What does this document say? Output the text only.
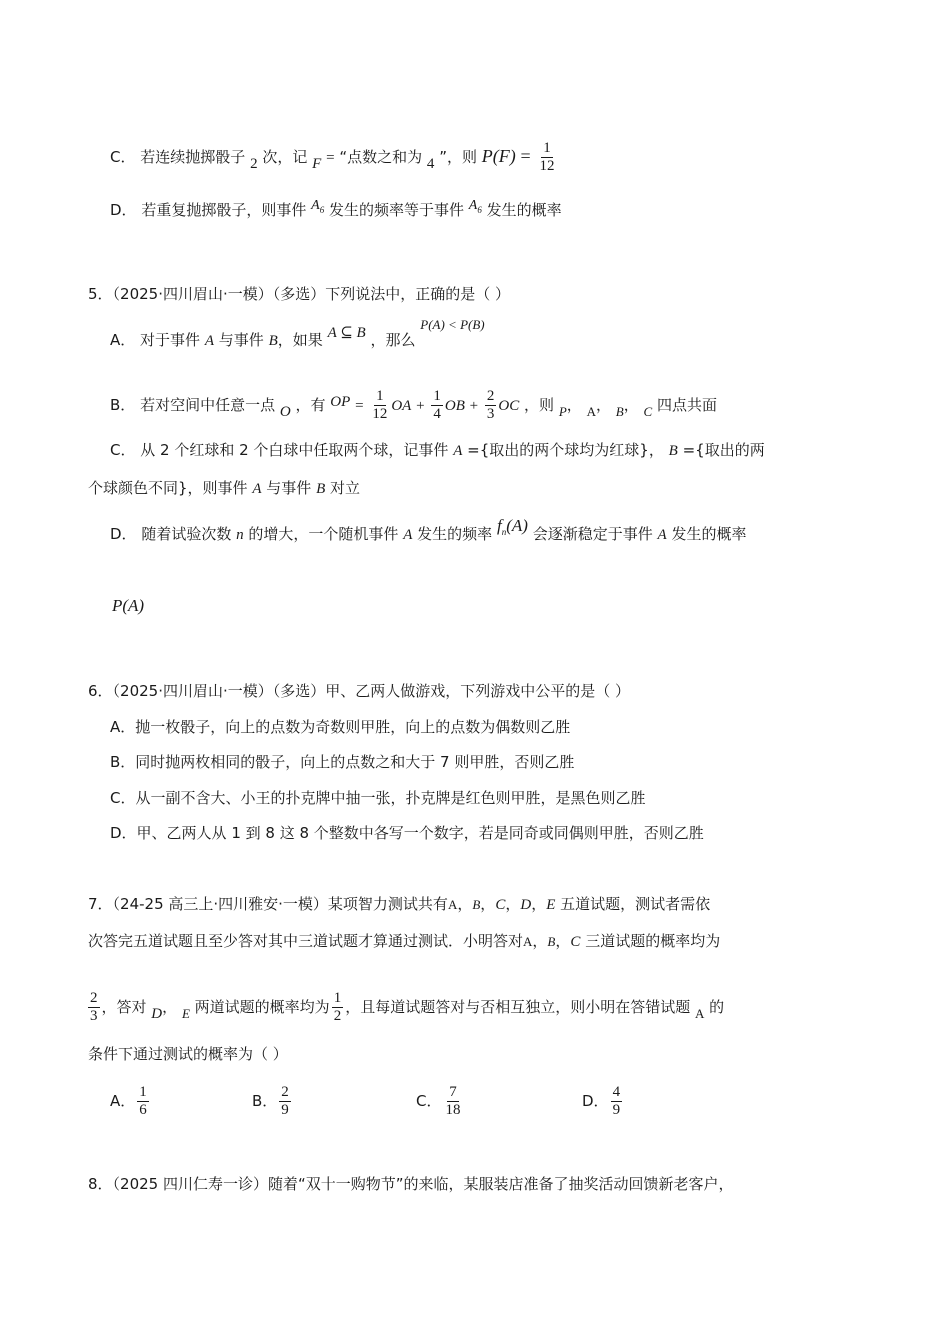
C． 若连续抛掷骰子 2 次，记 F = “点数之和为 4 ”，则 $P(F) = \frac{1}{12}$
D． 若重复抛掷骰子，则事件 $A_6$ 发生的频率等于事件 $A_6$ 发生的概率
5．（2025·四川眉山·一模）（多选）下列说法中，正确的是（ ）
A． 对于事件 A 与事件 B，如果 A ⊆ B ，那么 P(A) < P(B)
B． 若对空间中任意一点 O ，有 OP = $\frac{1}{12}$ OA + $\frac{1}{4}$ OB + $\frac{2}{3}$ OC ，则 P， A， B， C 四点共面
C． 从 2 个红球和 2 个白球中任取两个球，记事件 A ={取出的两个球均为红球}， B ={取出的两
个球颜色不同}，则事件 A 与事件 B 对立
D． 随着试验次数 n 的增大，一个随机事件 A 发生的频率 $f_n(A)$ 会逐渐稳定于事件 A 发生的概率
P(A)
6．（2025·四川眉山·一模）（多选）甲、乙两人做游戏，下列游戏中公平的是（ ）
A．抛一枚骰子，向上的点数为奇数则甲胜，向上的点数为偶数则乙胜
B．同时抛两枚相同的骰子，向上的点数之和大于 7 则甲胜，否则乙胜
C．从一副不含大、小王的扑克牌中抽一张，扑克牌是红色则甲胜，是黑色则乙胜
D．甲、乙两人从 1 到 8 这 8 个整数中各写一个数字，若是同奇或同偶则甲胜，否则乙胜
7．（24-25 高三上·四川雅安·一模）某项智力测试共有A，B，C，D，E 五道试题，测试者需依
次答完五道试题且至少答对其中三道试题才算通过测试．小明答对A，B，C 三道试题的概率均为
$\frac{2}{3}$ ，答对 D， E 两道试题的概率均为 $\frac{1}{2}$ ，且每道试题答对与否相互独立，则小明在答错试题 A 的
条件下通过测试的概率为（ ）
A． $\frac{1}{6}$	B． $\frac{2}{9}$	C． $\frac{7}{18}$	D． $\frac{4}{9}$
8．（2025 四川仁寿一诊）随着“双十一购物节”的来临，某服装店准备了抽奖活动回馈新老客户，
